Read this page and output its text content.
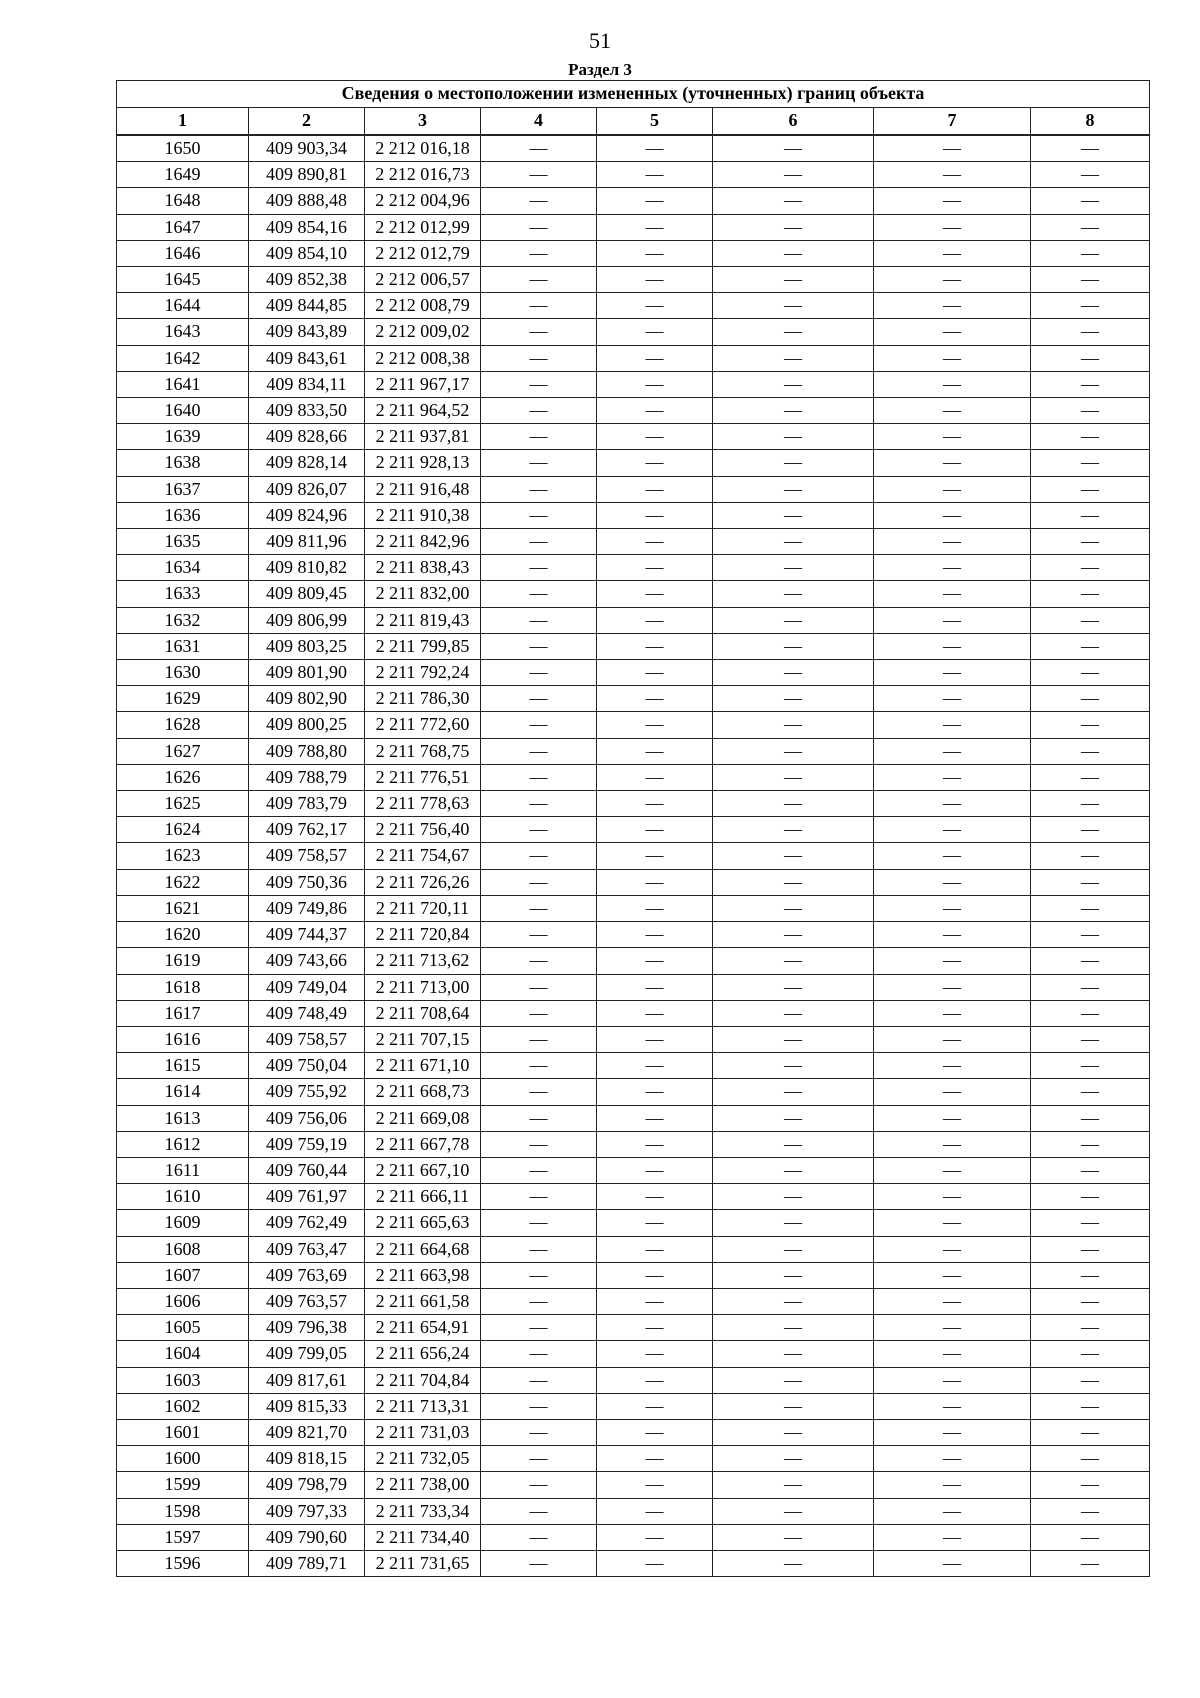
51
Раздел 3
Сведения о местоположении измененных (уточненных) границ объекта							
1	2	3	4	5	6	7	8
1650	409 903,34	2 212 016,18	—	—	—	—	—
1649	409 890,81	2 212 016,73	—	—	—	—	—
1648	409 888,48	2 212 004,96	—	—	—	—	—
1647	409 854,16	2 212 012,99	—	—	—	—	—
1646	409 854,10	2 212 012,79	—	—	—	—	—
1645	409 852,38	2 212 006,57	—	—	—	—	—
1644	409 844,85	2 212 008,79	—	—	—	—	—
1643	409 843,89	2 212 009,02	—	—	—	—	—
1642	409 843,61	2 212 008,38	—	—	—	—	—
1641	409 834,11	2 211 967,17	—	—	—	—	—
1640	409 833,50	2 211 964,52	—	—	—	—	—
1639	409 828,66	2 211 937,81	—	—	—	—	—
1638	409 828,14	2 211 928,13	—	—	—	—	—
1637	409 826,07	2 211 916,48	—	—	—	—	—
1636	409 824,96	2 211 910,38	—	—	—	—	—
1635	409 811,96	2 211 842,96	—	—	—	—	—
1634	409 810,82	2 211 838,43	—	—	—	—	—
1633	409 809,45	2 211 832,00	—	—	—	—	—
1632	409 806,99	2 211 819,43	—	—	—	—	—
1631	409 803,25	2 211 799,85	—	—	—	—	—
1630	409 801,90	2 211 792,24	—	—	—	—	—
1629	409 802,90	2 211 786,30	—	—	—	—	—
1628	409 800,25	2 211 772,60	—	—	—	—	—
1627	409 788,80	2 211 768,75	—	—	—	—	—
1626	409 788,79	2 211 776,51	—	—	—	—	—
1625	409 783,79	2 211 778,63	—	—	—	—	—
1624	409 762,17	2 211 756,40	—	—	—	—	—
1623	409 758,57	2 211 754,67	—	—	—	—	—
1622	409 750,36	2 211 726,26	—	—	—	—	—
1621	409 749,86	2 211 720,11	—	—	—	—	—
1620	409 744,37	2 211 720,84	—	—	—	—	—
1619	409 743,66	2 211 713,62	—	—	—	—	—
1618	409 749,04	2 211 713,00	—	—	—	—	—
1617	409 748,49	2 211 708,64	—	—	—	—	—
1616	409 758,57	2 211 707,15	—	—	—	—	—
1615	409 750,04	2 211 671,10	—	—	—	—	—
1614	409 755,92	2 211 668,73	—	—	—	—	—
1613	409 756,06	2 211 669,08	—	—	—	—	—
1612	409 759,19	2 211 667,78	—	—	—	—	—
1611	409 760,44	2 211 667,10	—	—	—	—	—
1610	409 761,97	2 211 666,11	—	—	—	—	—
1609	409 762,49	2 211 665,63	—	—	—	—	—
1608	409 763,47	2 211 664,68	—	—	—	—	—
1607	409 763,69	2 211 663,98	—	—	—	—	—
1606	409 763,57	2 211 661,58	—	—	—	—	—
1605	409 796,38	2 211 654,91	—	—	—	—	—
1604	409 799,05	2 211 656,24	—	—	—	—	—
1603	409 817,61	2 211 704,84	—	—	—	—	—
1602	409 815,33	2 211 713,31	—	—	—	—	—
1601	409 821,70	2 211 731,03	—	—	—	—	—
1600	409 818,15	2 211 732,05	—	—	—	—	—
1599	409 798,79	2 211 738,00	—	—	—	—	—
1598	409 797,33	2 211 733,34	—	—	—	—	—
1597	409 790,60	2 211 734,40	—	—	—	—	—
1596	409 789,71	2 211 731,65	—	—	—	—	—
